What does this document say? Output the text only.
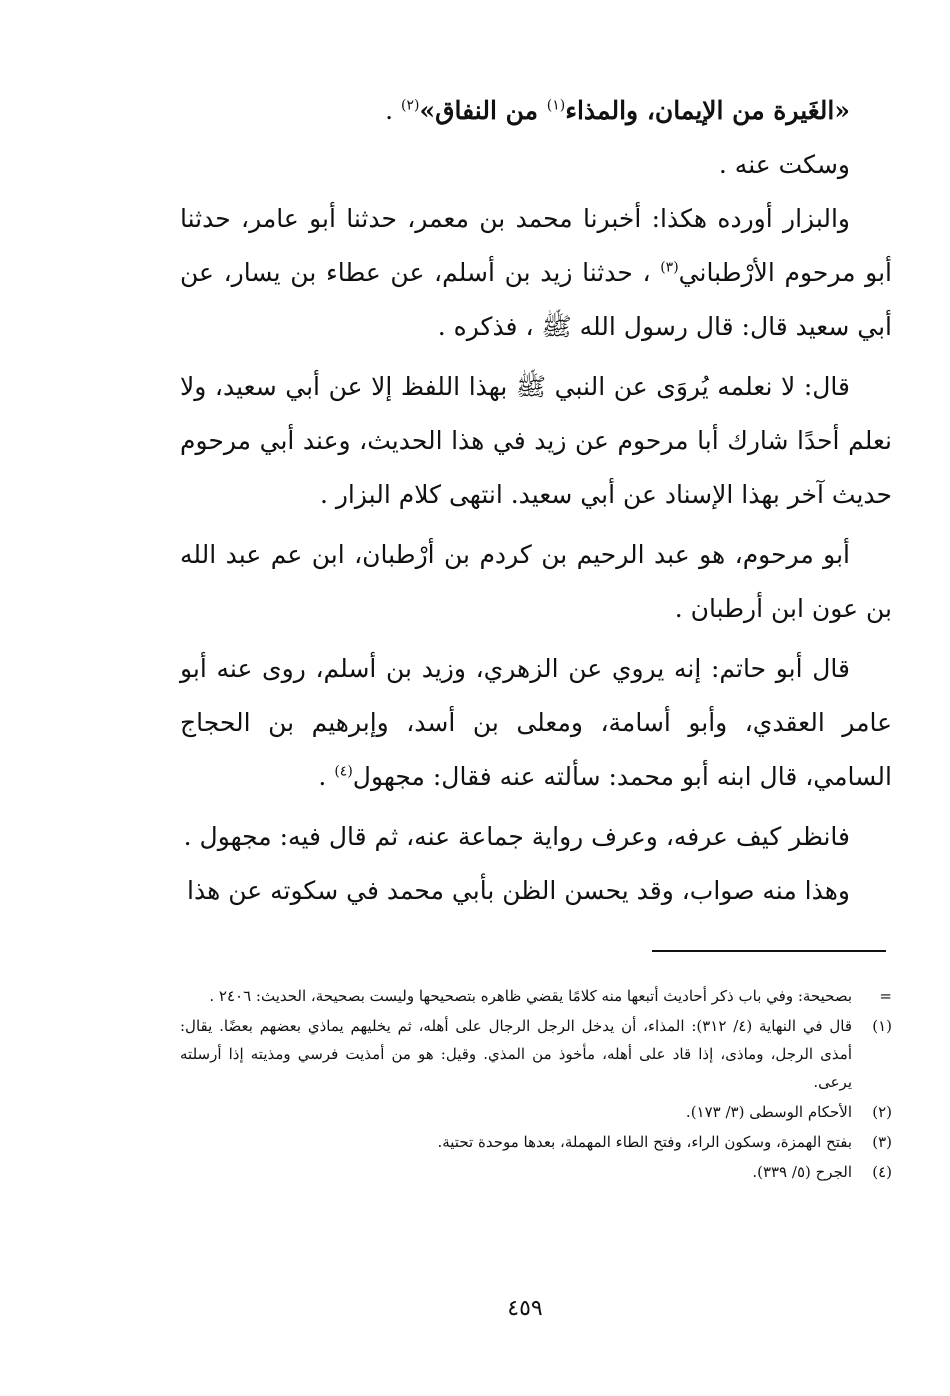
«الغَيرة من الإيمان، والمذاء$^{(١)}$ من النفاق»$^{(٢)}$ .

وسكت عنه .

والبزار أورده هكذا: أخبرنا محمد بن معمر، حدثنا أبو عامر، حدثنا أبو مرحوم الأرْطباني$^{(٣)}$ ، حدثنا زيد بن أسلم، عن عطاء بن يسار، عن أبي سعيد قال: قال رسول الله ﷺ ، فذكره .

قال: لا نعلمه يُروَى عن النبي ﷺ بهذا اللفظ إلا عن أبي سعيد، ولا نعلم أحدًا شارك أبا مرحوم عن زيد في هذا الحديث، وعند أبي مرحوم حديث آخر بهذا الإسناد عن أبي سعيد. انتهى كلام البزار .

أبو مرحوم، هو عبد الرحيم بن كردم بن أرْطبان، ابن عم عبد الله بن عون ابن أرطبان .

قال أبو حاتم: إنه يروي عن الزهري، وزيد بن أسلم، روى عنه أبو عامر العقدي، وأبو أسامة، ومعلى بن أسد، وإبرهيم بن الحجاج السامي، قال ابنه أبو محمد: سألته عنه فقال: مجهول$^{(٤)}$ .

فانظر كيف عرفه، وعرف رواية جماعة عنه، ثم قال فيه: مجهول .

وهذا منه صواب، وقد يحسن الظن بأبي محمد في سكوته عن هذا

=
بصحيحة: وفي باب ذكر أحاديث أتبعها منه كلامًا يقضي ظاهره بتصحيحها وليست بصحيحة، الحديث: ٢٤٠٦ .
(١)
قال في النهاية (٤/ ٣١٢): المذاء، أن يدخل الرجل الرجال على أهله، ثم يخليهم يماذي بعضهم بعضًا. يقال: أمذى الرجل، وماذى، إذا قاد على أهله، مأخوذ من المذي. وقيل: هو من أمذيت فرسي ومذيته إذا أرسلته يرعى.
(٢)
الأحكام الوسطى (٣/ ١٧٣).
(٣)
بفتح الهمزة، وسكون الراء، وفتح الطاء المهملة، بعدها موحدة تحتية.
(٤)
الجرح (٥/ ٣٣٩).
٤٥٩
